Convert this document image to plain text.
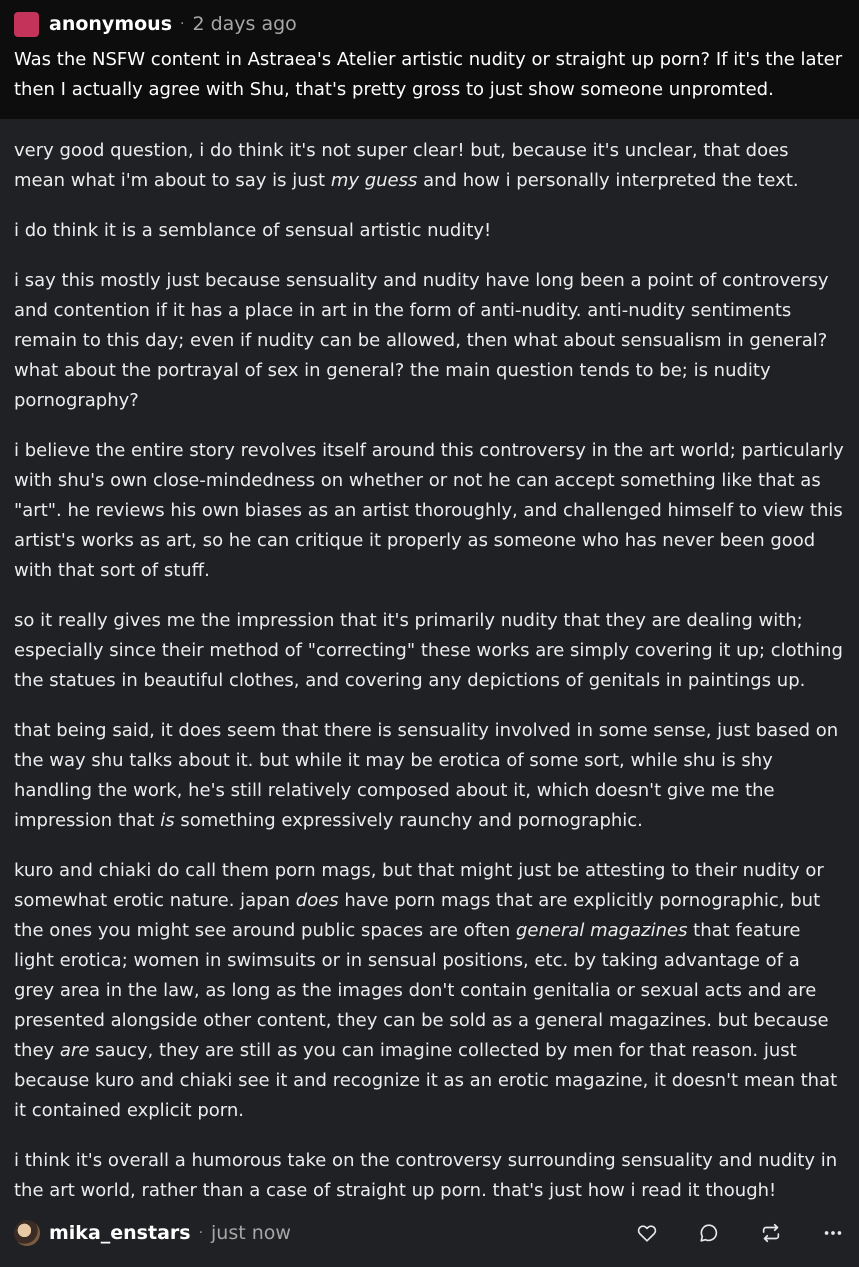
anonymous · 2 days ago

Was the NSFW content in Astraea's Atelier artistic nudity or straight up porn? If it's the later then I actually agree with Shu, that's pretty gross to just show someone unpromted.

very good question, i do think it's not super clear! but, because it's unclear, that does mean what i'm about to say is just my guess and how i personally interpreted the text.

i do think it is a semblance of sensual artistic nudity!

i say this mostly just because sensuality and nudity have long been a point of controversy and contention if it has a place in art in the form of anti-nudity. anti-nudity sentiments remain to this day; even if nudity can be allowed, then what about sensualism in general? what about the portrayal of sex in general? the main question tends to be; is nudity pornography?

i believe the entire story revolves itself around this controversy in the art world; particularly with shu's own close-mindedness on whether or not he can accept something like that as "art". he reviews his own biases as an artist thoroughly, and challenged himself to view this artist's works as art, so he can critique it properly as someone who has never been good with that sort of stuff.

so it really gives me the impression that it's primarily nudity that they are dealing with; especially since their method of "correcting" these works are simply covering it up; clothing the statues in beautiful clothes, and covering any depictions of genitals in paintings up.

that being said, it does seem that there is sensuality involved in some sense, just based on the way shu talks about it. but while it may be erotica of some sort, while shu is shy handling the work, he's still relatively composed about it, which doesn't give me the impression that is something expressively raunchy and pornographic.

kuro and chiaki do call them porn mags, but that might just be attesting to their nudity or somewhat erotic nature. japan does have porn mags that are explicitly pornographic, but the ones you might see around public spaces are often general magazines that feature light erotica; women in swimsuits or in sensual positions, etc. by taking advantage of a grey area in the law, as long as the images don't contain genitalia or sexual acts and are presented alongside other content, they can be sold as a general magazines. but because they are saucy, they are still as you can imagine collected by men for that reason. just because kuro and chiaki see it and recognize it as an erotic magazine, it doesn't mean that it contained explicit porn.

i think it's overall a humorous take on the controversy surrounding sensuality and nudity in the art world, rather than a case of straight up porn. that's just how i read it though!

mika_enstars · just now
